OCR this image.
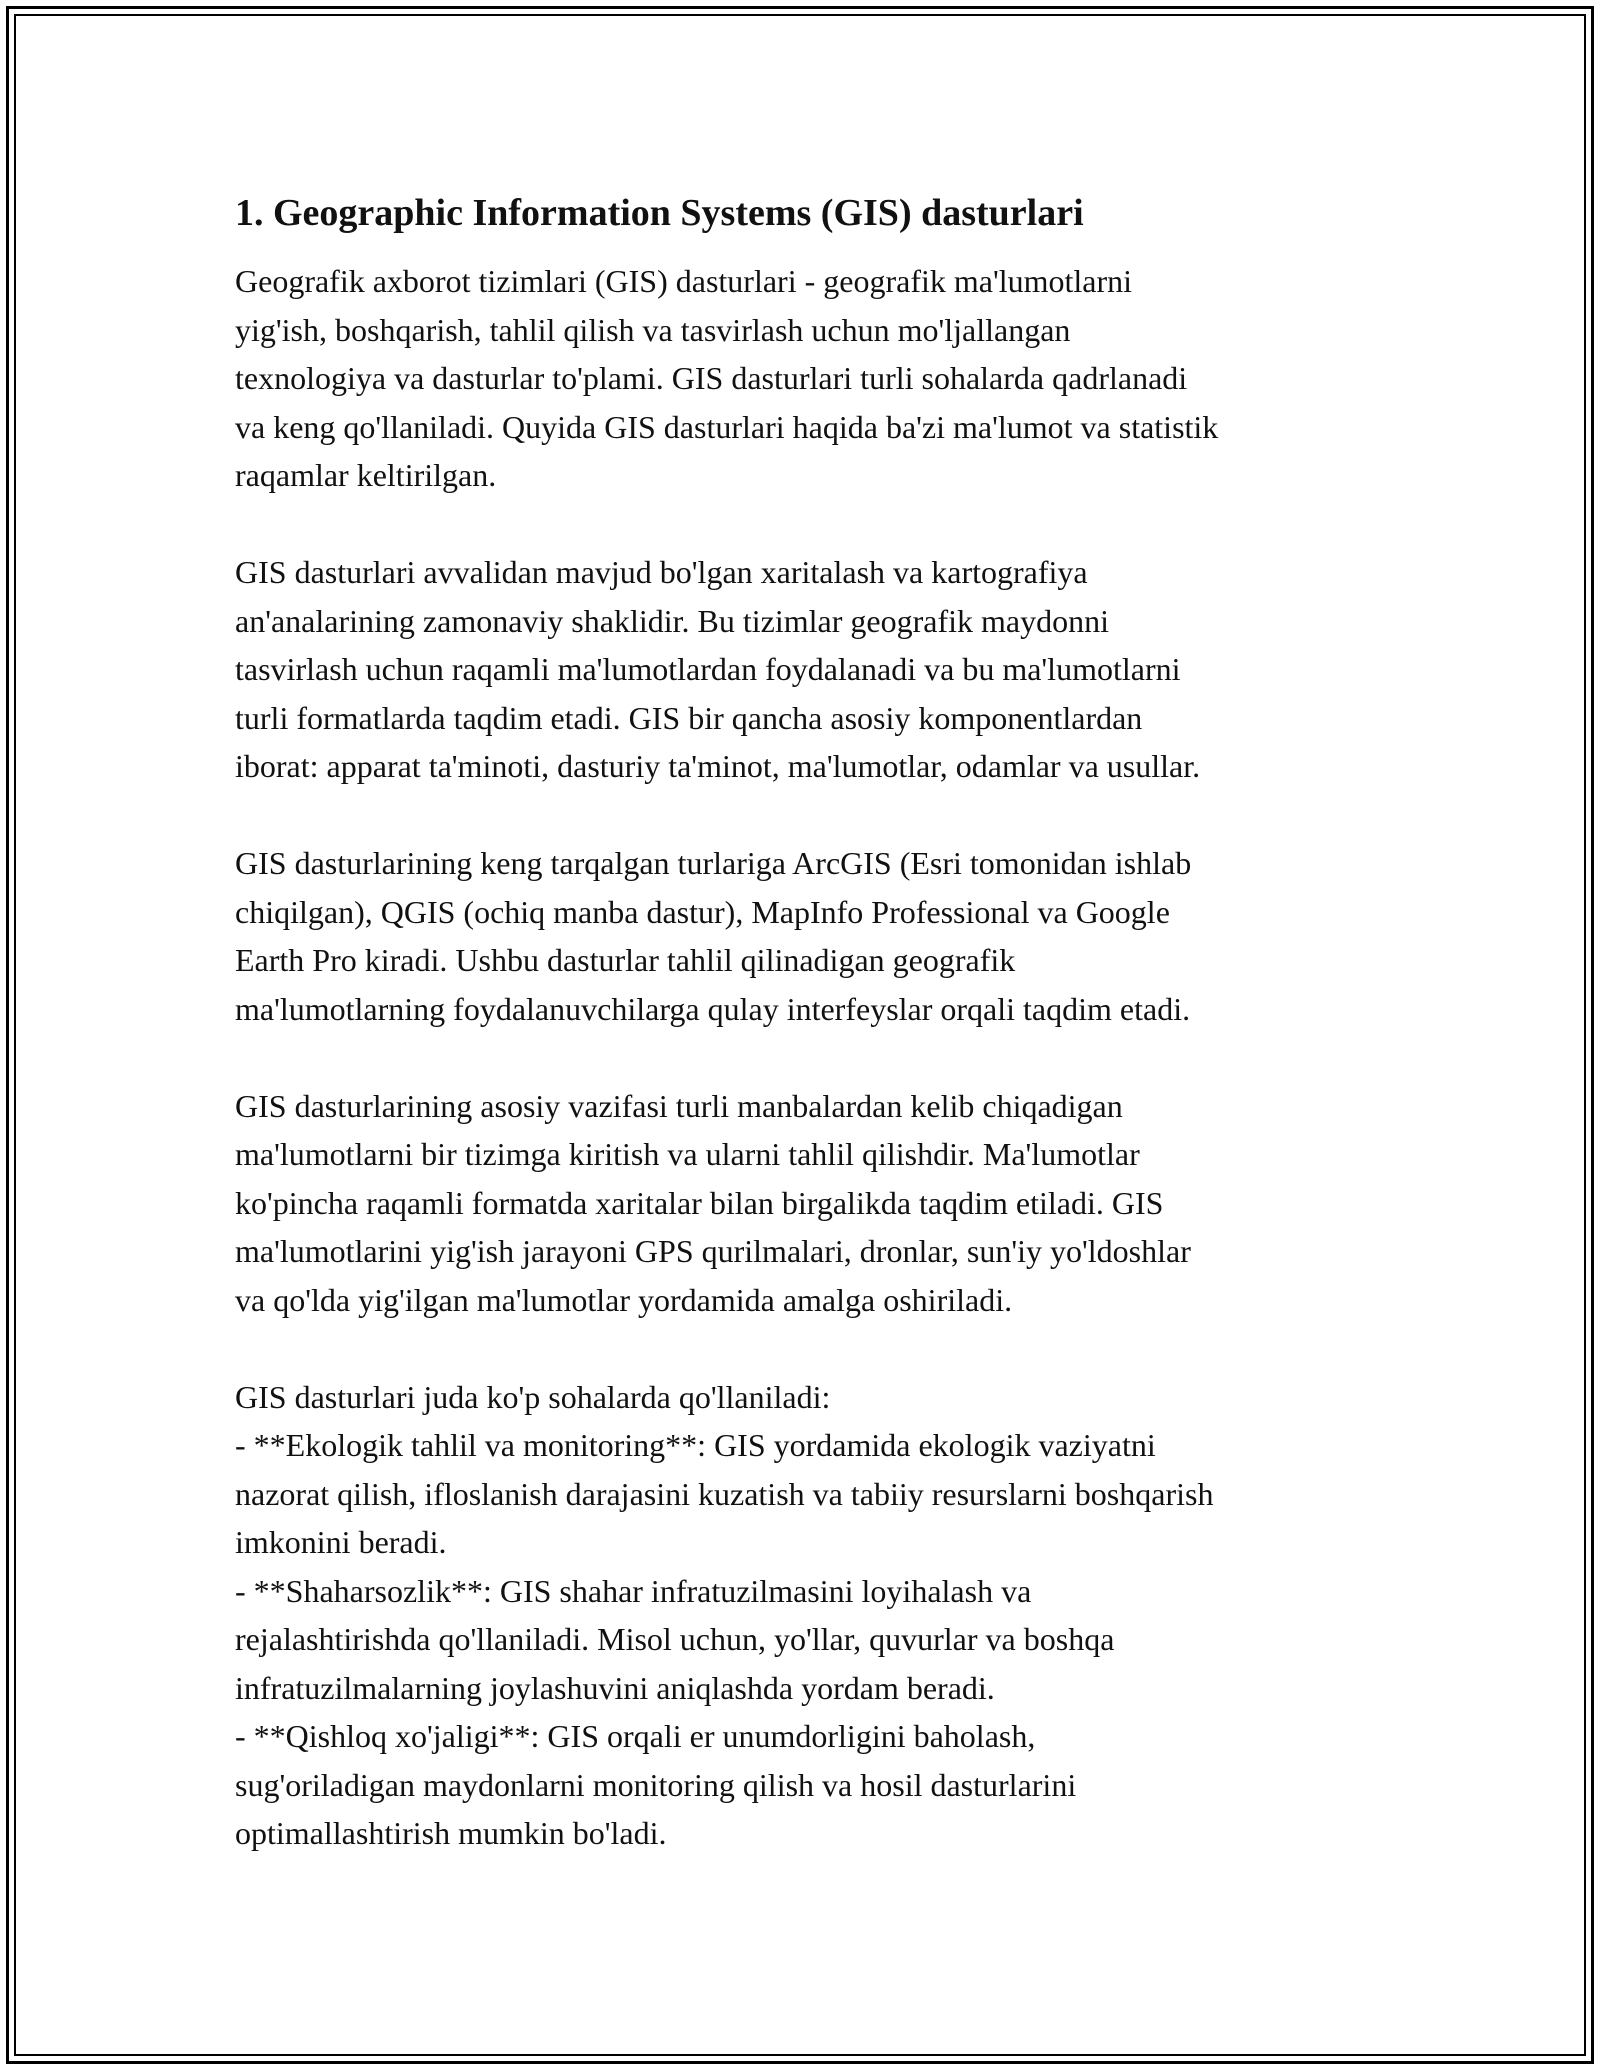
1. Geographic Information Systems (GIS) dasturlari

Geografik axborot tizimlari (GIS) dasturlari - geografik ma'lumotlarni
yig'ish, boshqarish, tahlil qilish va tasvirlash uchun mo'ljallangan
texnologiya va dasturlar to'plami. GIS dasturlari turli sohalarda qadrlanadi
va keng qo'llaniladi. Quyida GIS dasturlari haqida ba'zi ma'lumot va statistik
raqamlar keltirilgan.

GIS dasturlari avvalidan mavjud bo'lgan xaritalash va kartografiya
an'analarining zamonaviy shaklidir. Bu tizimlar geografik maydonni
tasvirlash uchun raqamli ma'lumotlardan foydalanadi va bu ma'lumotlarni
turli formatlarda taqdim etadi. GIS bir qancha asosiy komponentlardan
iborat: apparat ta'minoti, dasturiy ta'minot, ma'lumotlar, odamlar va usullar.

GIS dasturlarining keng tarqalgan turlariga ArcGIS (Esri tomonidan ishlab
chiqilgan), QGIS (ochiq manba dastur), MapInfo Professional va Google
Earth Pro kiradi. Ushbu dasturlar tahlil qilinadigan geografik
ma'lumotlarning foydalanuvchilarga qulay interfeyslar orqali taqdim etadi.

GIS dasturlarining asosiy vazifasi turli manbalardan kelib chiqadigan
ma'lumotlarni bir tizimga kiritish va ularni tahlil qilishdir. Ma'lumotlar
ko'pincha raqamli formatda xaritalar bilan birgalikda taqdim etiladi. GIS
ma'lumotlarini yig'ish jarayoni GPS qurilmalari, dronlar, sun'iy yo'ldoshlar
va qo'lda yig'ilgan ma'lumotlar yordamida amalga oshiriladi.

GIS dasturlari juda ko'p sohalarda qo'llaniladi:
- **Ekologik tahlil va monitoring**: GIS yordamida ekologik vaziyatni
nazorat qilish, ifloslanish darajasini kuzatish va tabiiy resurslarni boshqarish
imkonini beradi.
- **Shaharsozlik**: GIS shahar infratuzilmasini loyihalash va
rejalashtirishda qo'llaniladi. Misol uchun, yo'llar, quvurlar va boshqa
infratuzilmalarning joylashuvini aniqlashda yordam beradi.
- **Qishloq xo'jaligi**: GIS orqali er unumdorligini baholash,
sug'oriladigan maydonlarni monitoring qilish va hosil dasturlarini
optimallashtirish mumkin bo'ladi.
